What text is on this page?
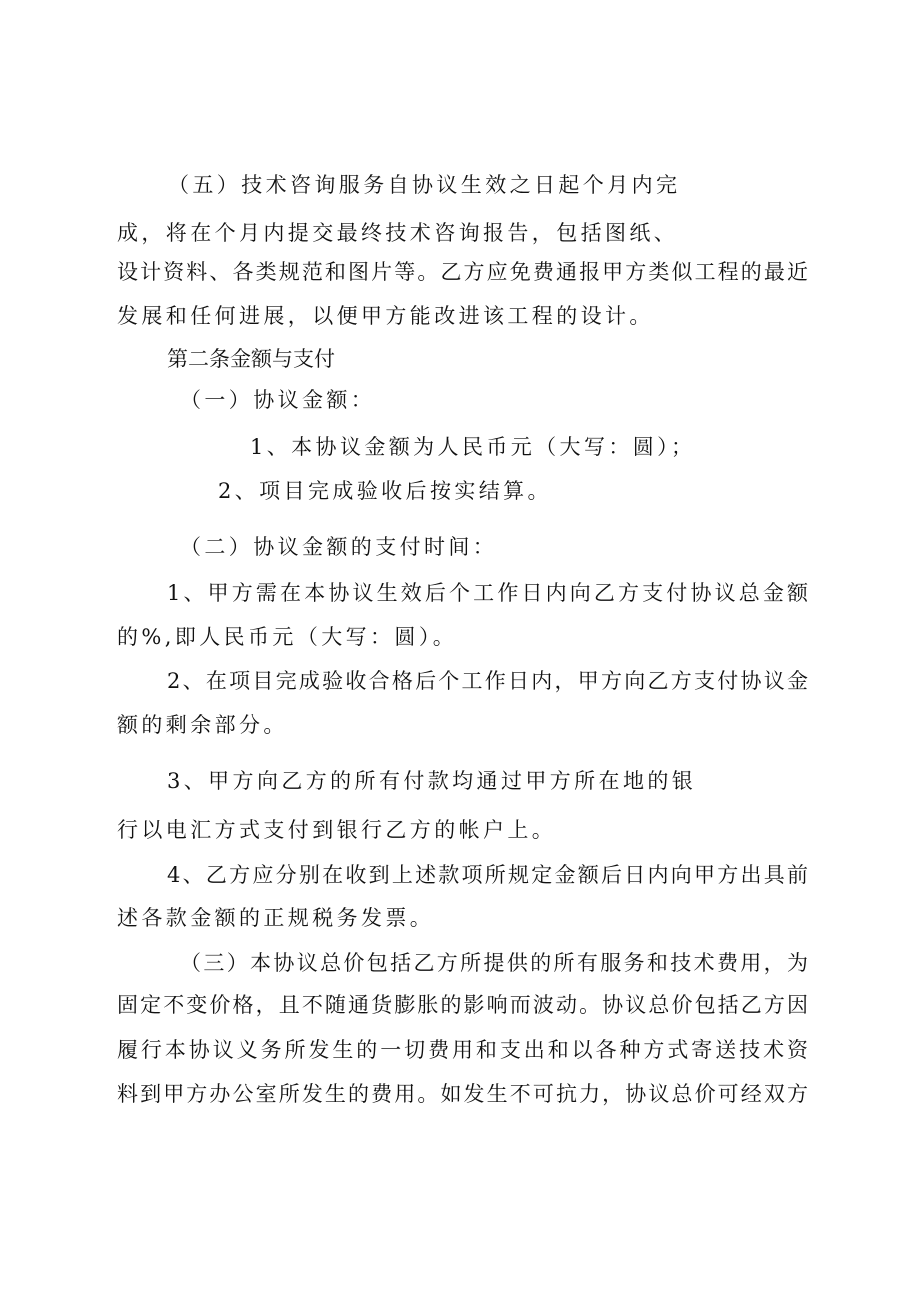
（五）技术咨询服务自协议生效之日起个月内完
成，将在个月内提交最终技术咨询报告，包括图纸、
设计资料、各类规范和图片等。乙方应免费通报甲方类似工程的最近
发展和任何进展，以便甲方能改进该工程的设计。
第二条金额与支付
（一）协议金额：
1、本协议金额为人民币元（大写：圆）；
2、项目完成验收后按实结算。
（二）协议金额的支付时间：
1、甲方需在本协议生效后个工作日内向乙方支付协议总金额
的%,即人民币元（大写：圆）。
2、在项目完成验收合格后个工作日内，甲方向乙方支付协议金
额的剩余部分。
3、甲方向乙方的所有付款均通过甲方所在地的银
行以电汇方式支付到银行乙方的帐户上。
4、乙方应分别在收到上述款项所规定金额后日内向甲方出具前
述各款金额的正规税务发票。
（三）本协议总价包括乙方所提供的所有服务和技术费用，为
固定不变价格，且不随通货膨胀的影响而波动。协议总价包括乙方因
履行本协议义务所发生的一切费用和支出和以各种方式寄送技术资
料到甲方办公室所发生的费用。如发生不可抗力，协议总价可经双方
